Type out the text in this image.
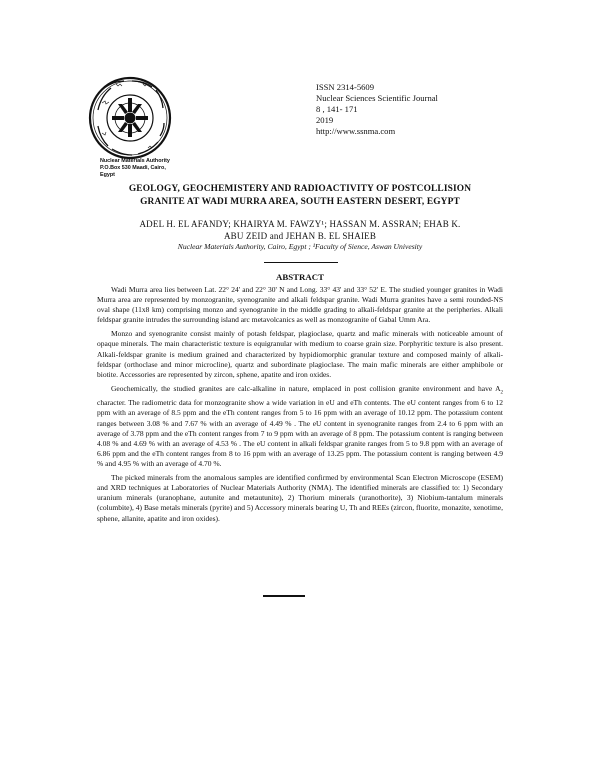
Nuclear Materials Authority
P.O.Box 530 Maadi, Cairo, Egypt
ISSN 2314-5609
Nuclear Sciences Scientific Journal
8 , 141- 171
2019
http://www.ssnma.com
GEOLOGY, GEOCHEMISTERY AND RADIOACTIVITY OF POSTCOLLISION
GRANITE AT WADI MURRA AREA, SOUTH EASTERN DESERT, EGYPT
ADEL H. EL AFANDY; KHAIRYA M. FAWZY¹; HASSAN M. ASSRAN; EHAB K.
ABU ZEID and JEHAN B. EL SHAIEB
Nuclear Materials Authority, Cairo, Egypt ; ¹Faculty of Sience, Aswan Univesity
ABSTRACT

Wadi Murra area lies between Lat. 22° 24' and 22° 30' N and Long. 33° 43' and 33° 52' E. The studied younger granites in Wadi Murra area are represented by monzogranite, syenogranite and alkali feldspar granite. Wadi Murra granites have a semi rounded-NS oval shape (11x8 km) comprising monzo and syenogranite in the middle grading to alkali-feldspar granite at the peripheries. Alkali feldspar granite intrudes the surrounding island arc metavolcanics as well as monzogranite of Gabal Umm Ara.

Monzo and syenogranite consist mainly of potash feldspar, plagioclase, quartz and mafic minerals with noticeable amount of opaque minerals. The main characteristic texture is equigranular with medium to coarse grain size. Porphyritic texture is also present. Alkali-feldspar granite is medium grained and characterized by hypidiomorphic granular texture and composed mainly of alkali-feldspar (orthoclase and minor microcline), quartz and subordinate plagioclase. The main mafic minerals are either amphibole or biotite. Accessories are represented by zircon, sphene, apatite and iron oxides.

Geochemically, the studied granites are calc-alkaline in nature, emplaced in post collision granite environment and have $A_2$ character. The radiometric data for monzogranite show a wide variation in eU and eTh contents. The eU content ranges from 6 to 12 ppm with an average of 8.5 ppm and the eTh content ranges from 5 to 16 ppm with an average of 10.12 ppm. The potassium content ranges between 3.08 % and 7.67 % with an average of 4.49 % . The eU content in syenogranite ranges from 2.4 to 6 ppm with an average of 3.78 ppm and the eTh content ranges from 7 to 9 ppm with an average of 8 ppm. The potassium content is ranging between 4.08 % and 4.69 % with an average of 4.53 % . The eU content in alkali feldspar granite ranges from 5 to 9.8 ppm with an average of 6.86 ppm and the eTh content ranges from 8 to 16 ppm with an average of 13.25 ppm. The potassium content is ranging between 4.9 % and 4.95 % with an average of 4.70 %.

The picked minerals from the anomalous samples are identified confirmed by environmental Scan Electron Microscope (ESEM) and XRD techniques at Laboratories of Nuclear Materials Authority (NMA). The identified minerals are classified to: 1) Secondary uranium minerals (uranophane, autunite and metautunite), 2) Thorium minerals (uranothorite), 3) Niobium-tantalum minerals (columbite), 4) Base metals minerals (pyrite) and 5) Accessory minerals bearing U, Th and REEs (zircon, fluorite, monazite, xenotime, sphene, allanite, apatite and iron oxides).
